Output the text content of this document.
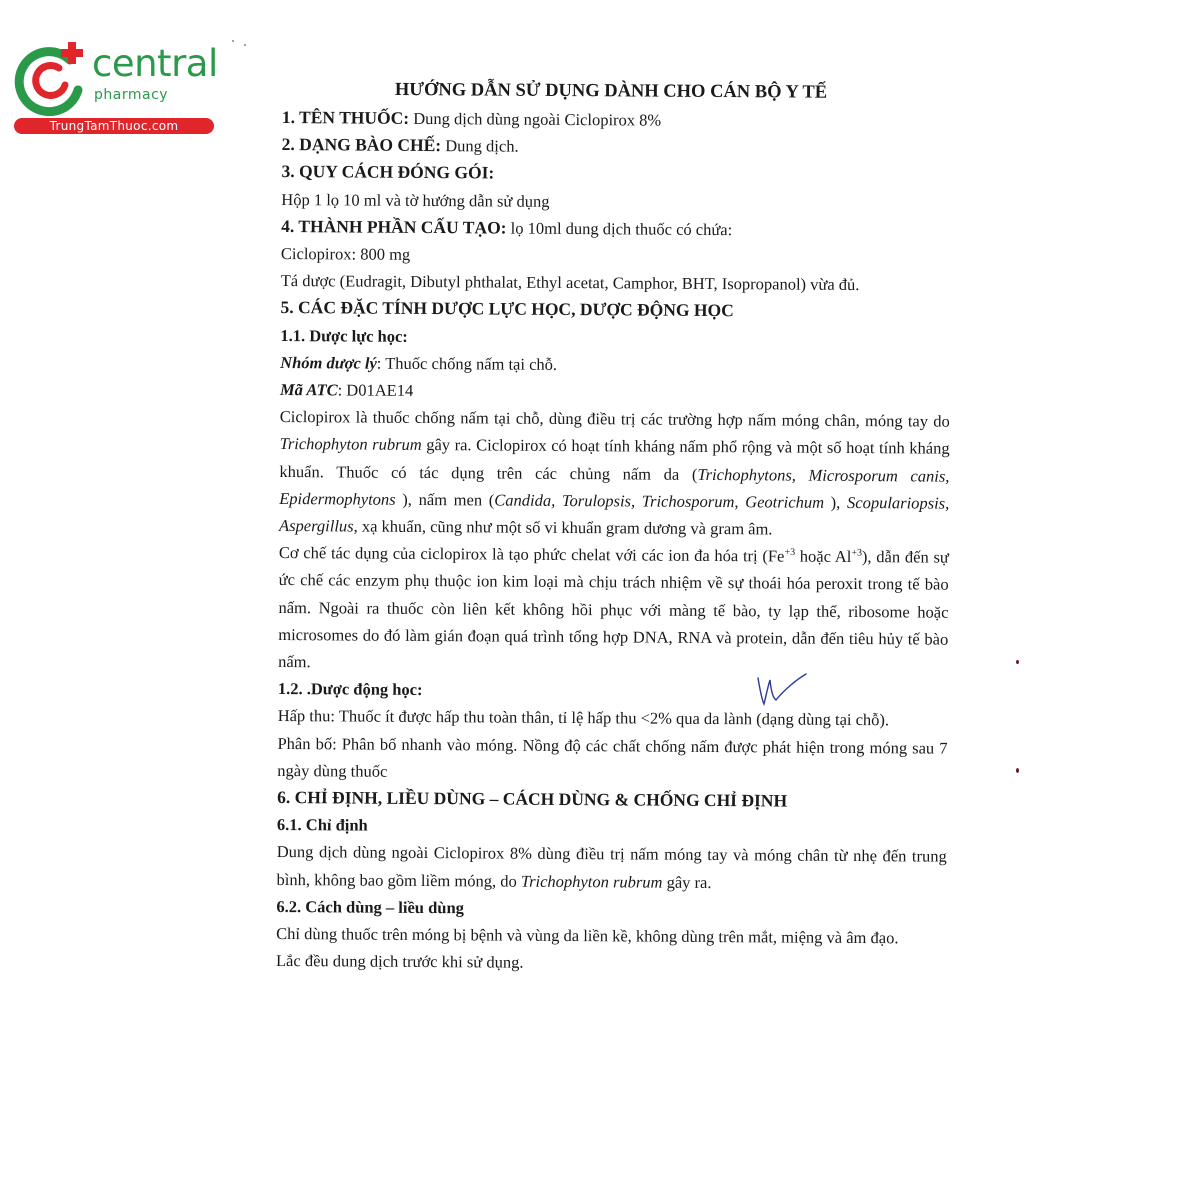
central
pharmacy
TrungTamThuoc.com
HƯỚNG DẪN SỬ DỤNG DÀNH CHO CÁN BỘ Y TẾ

1. TÊN THUỐC: Dung dịch dùng ngoài Ciclopirox 8%

2. DẠNG BÀO CHẾ: Dung dịch.

3. QUY CÁCH ĐÓNG GÓI:

Hộp 1 lọ 10 ml và tờ hướng dẫn sử dụng

4. THÀNH PHẦN CẤU TẠO: lọ 10ml dung dịch thuốc có chứa:

Ciclopirox: 800 mg

Tá dược (Eudragit, Dibutyl phthalat, Ethyl acetat, Camphor, BHT, Isopropanol) vừa đủ.

5. CÁC ĐẶC TÍNH DƯỢC LỰC HỌC, DƯỢC ĐỘNG HỌC

1.1. Dược lực học:

Nhóm dược lý: Thuốc chống nấm tại chỗ.

Mã ATC: D01AE14

Ciclopirox là thuốc chống nấm tại chỗ, dùng điều trị các trường hợp nấm móng chân, móng tay do Trichophyton rubrum gây ra. Ciclopirox có hoạt tính kháng nấm phổ rộng và một số hoạt tính kháng khuẩn. Thuốc có tác dụng trên các chủng nấm da (Trichophytons, Microsporum canis, Epidermophytons ), nấm men (Candida, Torulopsis, Trichosporum, Geotrichum ), Scopulariopsis, Aspergillus, xạ khuẩn, cũng như một số vi khuẩn gram dương và gram âm.

Cơ chế tác dụng của ciclopirox là tạo phức chelat với các ion đa hóa trị ($Fe^{+3}$ hoặc $Al^{+3}$), dẫn đến sự ức chế các enzym phụ thuộc ion kim loại mà chịu trách nhiệm về sự thoái hóa peroxit trong tế bào nấm. Ngoài ra thuốc còn liên kết không hồi phục với màng tế bào, ty lạp thể, ribosome hoặc microsomes do đó làm gián đoạn quá trình tổng hợp DNA, RNA và protein, dẫn đến tiêu hủy tế bào nấm.

1.2. .Dược động học:

Hấp thu: Thuốc ít được hấp thu toàn thân, tỉ lệ hấp thu <2% qua da lành (dạng dùng tại chỗ).

Phân bố: Phân bố nhanh vào móng. Nồng độ các chất chống nấm được phát hiện trong móng sau 7 ngày dùng thuốc

6. CHỈ ĐỊNH, LIỀU DÙNG – CÁCH DÙNG & CHỐNG CHỈ ĐỊNH

6.1. Chỉ định

Dung dịch dùng ngoài Ciclopirox 8% dùng điều trị nấm móng tay và móng chân từ nhẹ đến trung bình, không bao gồm liềm móng, do Trichophyton rubrum gây ra.

6.2. Cách dùng – liều dùng

Chỉ dùng thuốc trên móng bị bệnh và vùng da liền kề, không dùng trên mắt, miệng và âm đạo.

Lắc đều dung dịch trước khi sử dụng.
